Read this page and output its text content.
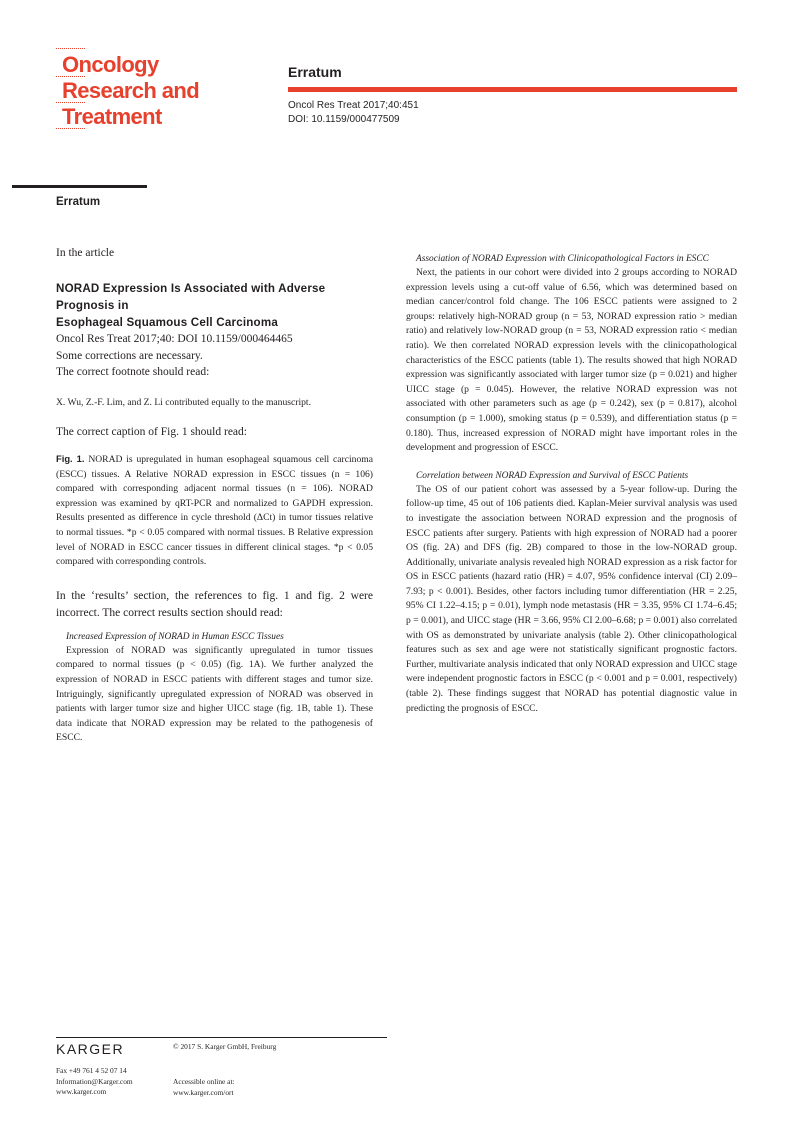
Oncology
Research and
Treatment
Erratum
Oncol Res Treat 2017;40:451
DOI: 10.1159/000477509
Erratum

In the article

NORAD Expression Is Associated with Adverse

Prognosis in

Esophageal Squamous Cell Carcinoma

Oncol Res Treat 2017;40: DOI 10.1159/000464465

Some corrections are necessary.

The correct footnote should read:

X. Wu, Z.-F. Lim, and Z. Li contributed equally to the manuscript.

The correct caption of Fig. 1 should read:

Fig. 1. NORAD is upregulated in human esophageal squamous cell carcinoma (ESCC) tissues. A Relative NORAD expression in ESCC tissues (n = 106) compared with corresponding adjacent normal tissues (n = 106). NORAD expression was examined by qRT-PCR and normalized to GAPDH expression. Results presented as difference in cycle threshold (ΔCt) in tumor tissues relative to normal tissues. *p < 0.05 compared with normal tissues. B Relative expression level of NORAD in ESCC cancer tissues in different clinical stages. *p < 0.05 compared with corresponding controls.

In the ‘results’ section, the references to fig. 1 and fig. 2 were incorrect. The correct results section should read:

Increased Expression of NORAD in Human ESCC Tissues

Expression of NORAD was significantly upregulated in tumor tissues compared to normal tissues (p < 0.05) (fig. 1A). We further analyzed the expression of NORAD in ESCC patients with different stages and tumor size. Intriguingly, significantly upregulated expression of NORAD was observed in patients with larger tumor size and higher UICC stage (fig. 1B, table 1). These data indicate that NORAD expression may be related to the pathogenesis of ESCC.

Association of NORAD Expression with Clinicopathological Factors in ESCC

Next, the patients in our cohort were divided into 2 groups according to NORAD expression levels using a cut-off value of 6.56, which was determined based on median cancer/control fold change. The 106 ESCC patients were assigned to 2 groups: relatively high-NORAD group (n = 53, NORAD expression ratio > median ratio) and relatively low-NORAD group (n = 53, NORAD expression ratio < median ratio). We then correlated NORAD expression levels with the clinicopathological characteristics of the ESCC patients (table 1). The results showed that high NORAD expression was significantly associated with larger tumor size (p = 0.021) and higher UICC stage (p = 0.045). However, the relative NORAD expression was not associated with other parameters such as age (p = 0.242), sex (p = 0.817), alcohol consumption (p = 1.000), smoking status (p = 0.539), and differentiation status (p = 0.180). Thus, increased expression of NORAD might have important roles in the development and progression of ESCC.

Correlation between NORAD Expression and Survival of ESCC Patients

The OS of our patient cohort was assessed by a 5-year follow-up. During the follow-up time, 45 out of 106 patients died. Kaplan-Meier survival analysis was used to investigate the association between NORAD expression and the prognosis of ESCC patients after surgery. Patients with high expression of NORAD had a poorer OS (fig. 2A) and DFS (fig. 2B) compared to those in the low-NORAD group. Additionally, univariate analysis revealed high NORAD expression as a risk factor for OS in ESCC patients (hazard ratio (HR) = 4.07, 95% confidence interval (CI) 2.09–7.93; p < 0.001). Besides, other factors including tumor differentiation (HR = 2.25, 95% CI 1.22–4.15; p = 0.01), lymph node metastasis (HR = 3.35, 95% CI 1.74–6.45; p = 0.001), and UICC stage (HR = 3.66, 95% CI 2.00–6.68; p = 0.001) also correlated with OS as demonstrated by univariate analysis (table 2). Other clinicopathological features such as sex and age were not statistically significant prognostic factors. Further, multivariate analysis indicated that only NORAD expression and UICC stage were independent prognostic factors in ESCC (p < 0.001 and p = 0.001, respectively) (table 2). These findings suggest that NORAD has potential diagnostic value in predicting the prognosis of ESCC.

KARGER	© 2017 S. Karger GmbH, Freiburg
Fax +49 761 4 52 07 14
Information@Karger.com
www.karger.com
Accessible online at:
www.karger.com/ort
